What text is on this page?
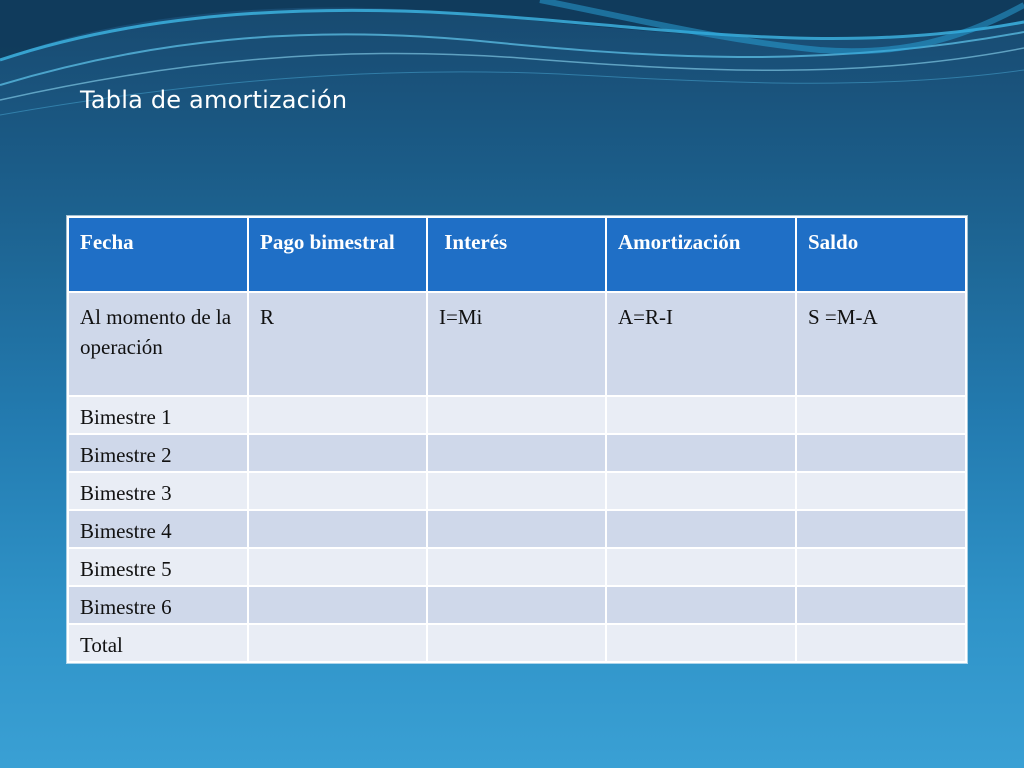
Tabla de amortización
Fecha	Pago bimestral	Interés	Amortización	Saldo
Al momento de la operación	R	I=Mi	A=R-I	S =M-A
Bimestre 1				
Bimestre 2				
Bimestre 3				
Bimestre 4				
Bimestre 5				
Bimestre 6				
Total				
